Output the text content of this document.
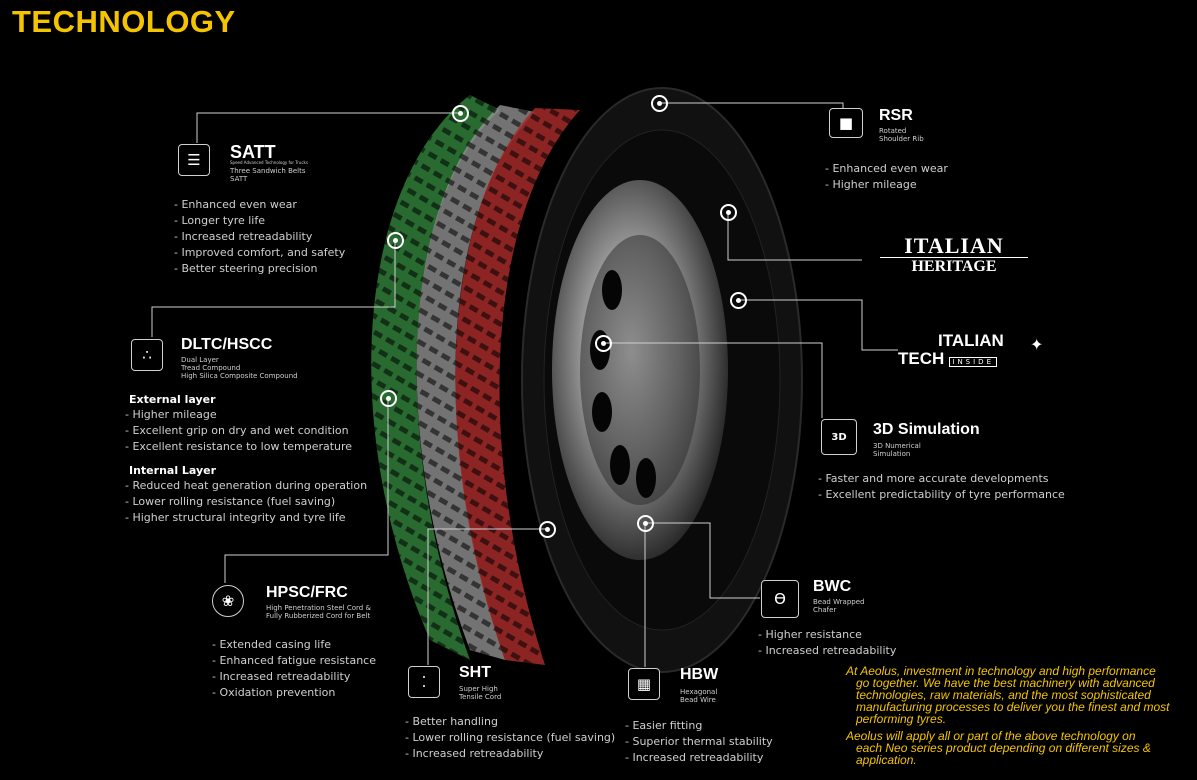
TECHNOLOGY
☰	SATT
Speed Advanced Technology for Trucks
Three Sandwich Belts
SATT
- Enhanced even wear
- Longer tyre life
- Increased retreadability
- Improved comfort, and safety
- Better steering precision
∴
DLTC/HSCC
Dual Layer
Tread Compound
High Silica Composite Compound
External layer
- Higher mileage
- Excellent grip on dry and wet condition
- Excellent resistance to low temperature
Internal Layer
- Reduced heat generation during operation
- Lower rolling resistance (fuel saving)
- Higher structural integrity and tyre life
❀	HPSC/FRC
High Penetration Steel Cord &
Fully Rubberized Cord for Belt
- Extended casing life
- Enhanced fatigue resistance
- Increased retreadability
- Oxidation prevention
⁚
SHT
Super High
Tensile Cord
- Better handling
- Lower rolling resistance (fuel saving)
- Increased retreadability
▦
HBW
Hexagonal
Bead Wire
- Easier fitting
- Superior thermal stability
- Increased retreadability
ϴ
BWC
Bead Wrapped
Chafer
- Higher resistance
- Increased retreadability
■	RSR
Rotated
Shoulder Rib
- Enhanced even wear
- Higher mileage
ITALIAN
HERITAGE
ITALIAN
TECH INSIDE
✦
3D	3D Simulation
3D Numerical
Simulation
- Faster and more accurate developments
- Excellent predictability of tyre performance
At Aeolus, investment in technology and high performance
go together. We have the best machinery with advanced
technologies, raw materials, and the most sophisticated
manufacturing processes to deliver you the finest and most
performing tyres.
Aeolus will apply all or part of the above technology on
each Neo series product depending on different sizes &
application.
